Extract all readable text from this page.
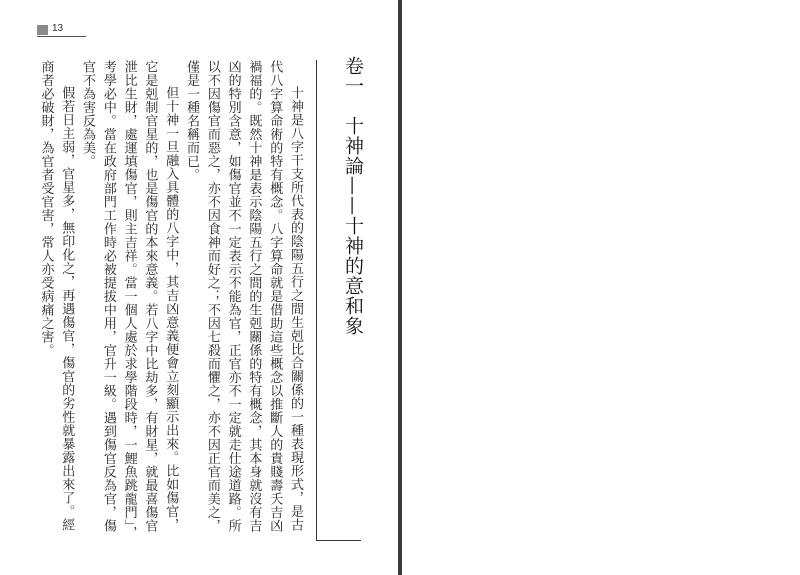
13
卷一　十神論——十神的意和象

十神是八字干支所代表的陰陽五行之間生剋比合關係的一種表現形式，是古代八字算命術的特有概念。八字算命就是借助這些概念以推斷人的貴賤壽夭吉凶禍福的。既然十神是表示陰陽五行之間的生剋關係的特有概念，其本身就沒有吉凶的特別含意，如傷官並不一定表示不能為官，正官亦不一定就走仕途道路。所以不因傷官而惡之，亦不因食神而好之；不因七殺而懼之，亦不因正官而美之，僅是一種名稱而已。

但十神一旦融入具體的八字中，其吉凶意義便會立刻顯示出來。比如傷官，它是剋制官星的，也是傷官的本來意義。若八字中比劫多，有財星，就最喜傷官泄比生財，處運填傷官，則主吉祥。當一個人處於求學階段時，一鯉魚跳龍門」，考學必中。當在政府部門工作時必被提拔中用，官升一級。遇到傷官反為官，傷官不為害反為美。

假若日主弱，官星多，無印化之，再遇傷官，傷官的劣性就暴露出來了。經商者必破財，為官者受官害，常人亦受病痛之害。
